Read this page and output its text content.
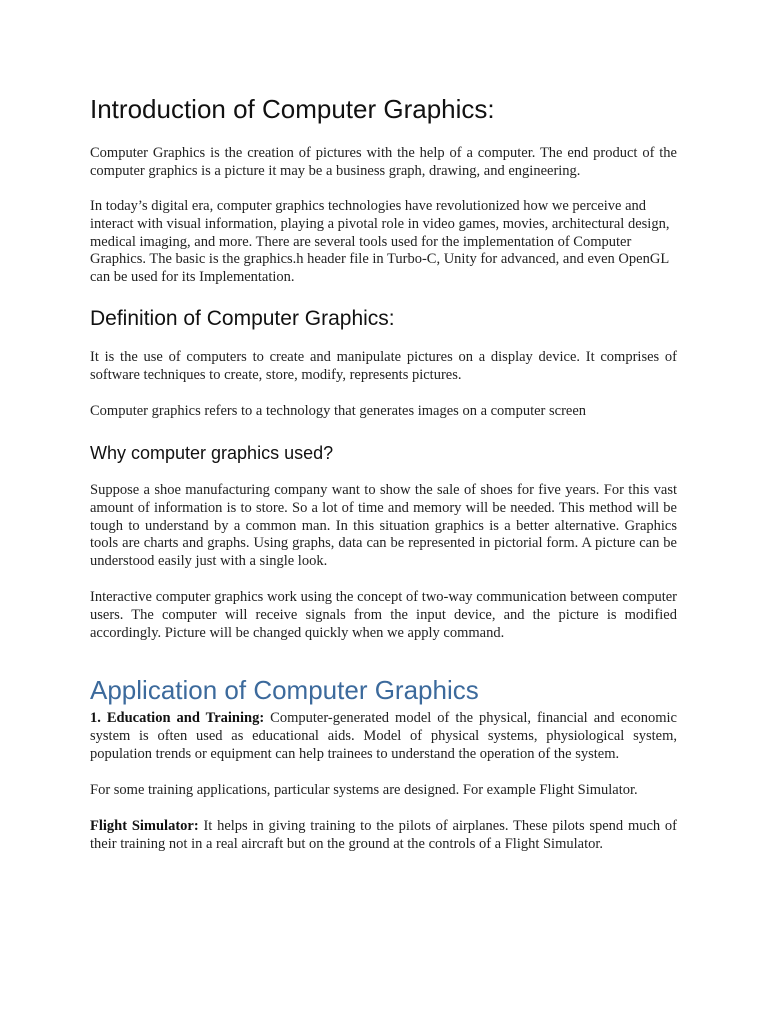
Introduction of Computer Graphics:

Computer Graphics is the creation of pictures with the help of a computer. The end product of the computer graphics is a picture it may be a business graph, drawing, and engineering.

In today’s digital era, computer graphics technologies have revolutionized how we perceive and interact with visual information, playing a pivotal role in video games, movies, architectural design, medical imaging, and more. There are several tools used for the implementation of Computer Graphics. The basic is the graphics.h header file in Turbo-C, Unity for advanced, and even OpenGL can be used for its Implementation.

Definition of Computer Graphics:

It is the use of computers to create and manipulate pictures on a display device. It comprises of software techniques to create, store, modify, represents pictures.

Computer graphics refers to a technology that generates images on a computer screen

Why computer graphics used?

Suppose a shoe manufacturing company want to show the sale of shoes for five years. For this vast amount of information is to store. So a lot of time and memory will be needed. This method will be tough to understand by a common man. In this situation graphics is a better alternative. Graphics tools are charts and graphs. Using graphs, data can be represented in pictorial form. A picture can be understood easily just with a single look.

Interactive computer graphics work using the concept of two-way communication between computer users. The computer will receive signals from the input device, and the picture is modified accordingly. Picture will be changed quickly when we apply command.

Application of Computer Graphics

1. Education and Training: Computer-generated model of the physical, financial and economic system is often used as educational aids. Model of physical systems, physiological system, population trends or equipment can help trainees to understand the operation of the system.

For some training applications, particular systems are designed. For example Flight Simulator.

Flight Simulator: It helps in giving training to the pilots of airplanes. These pilots spend much of their training not in a real aircraft but on the ground at the controls of a Flight Simulator.
